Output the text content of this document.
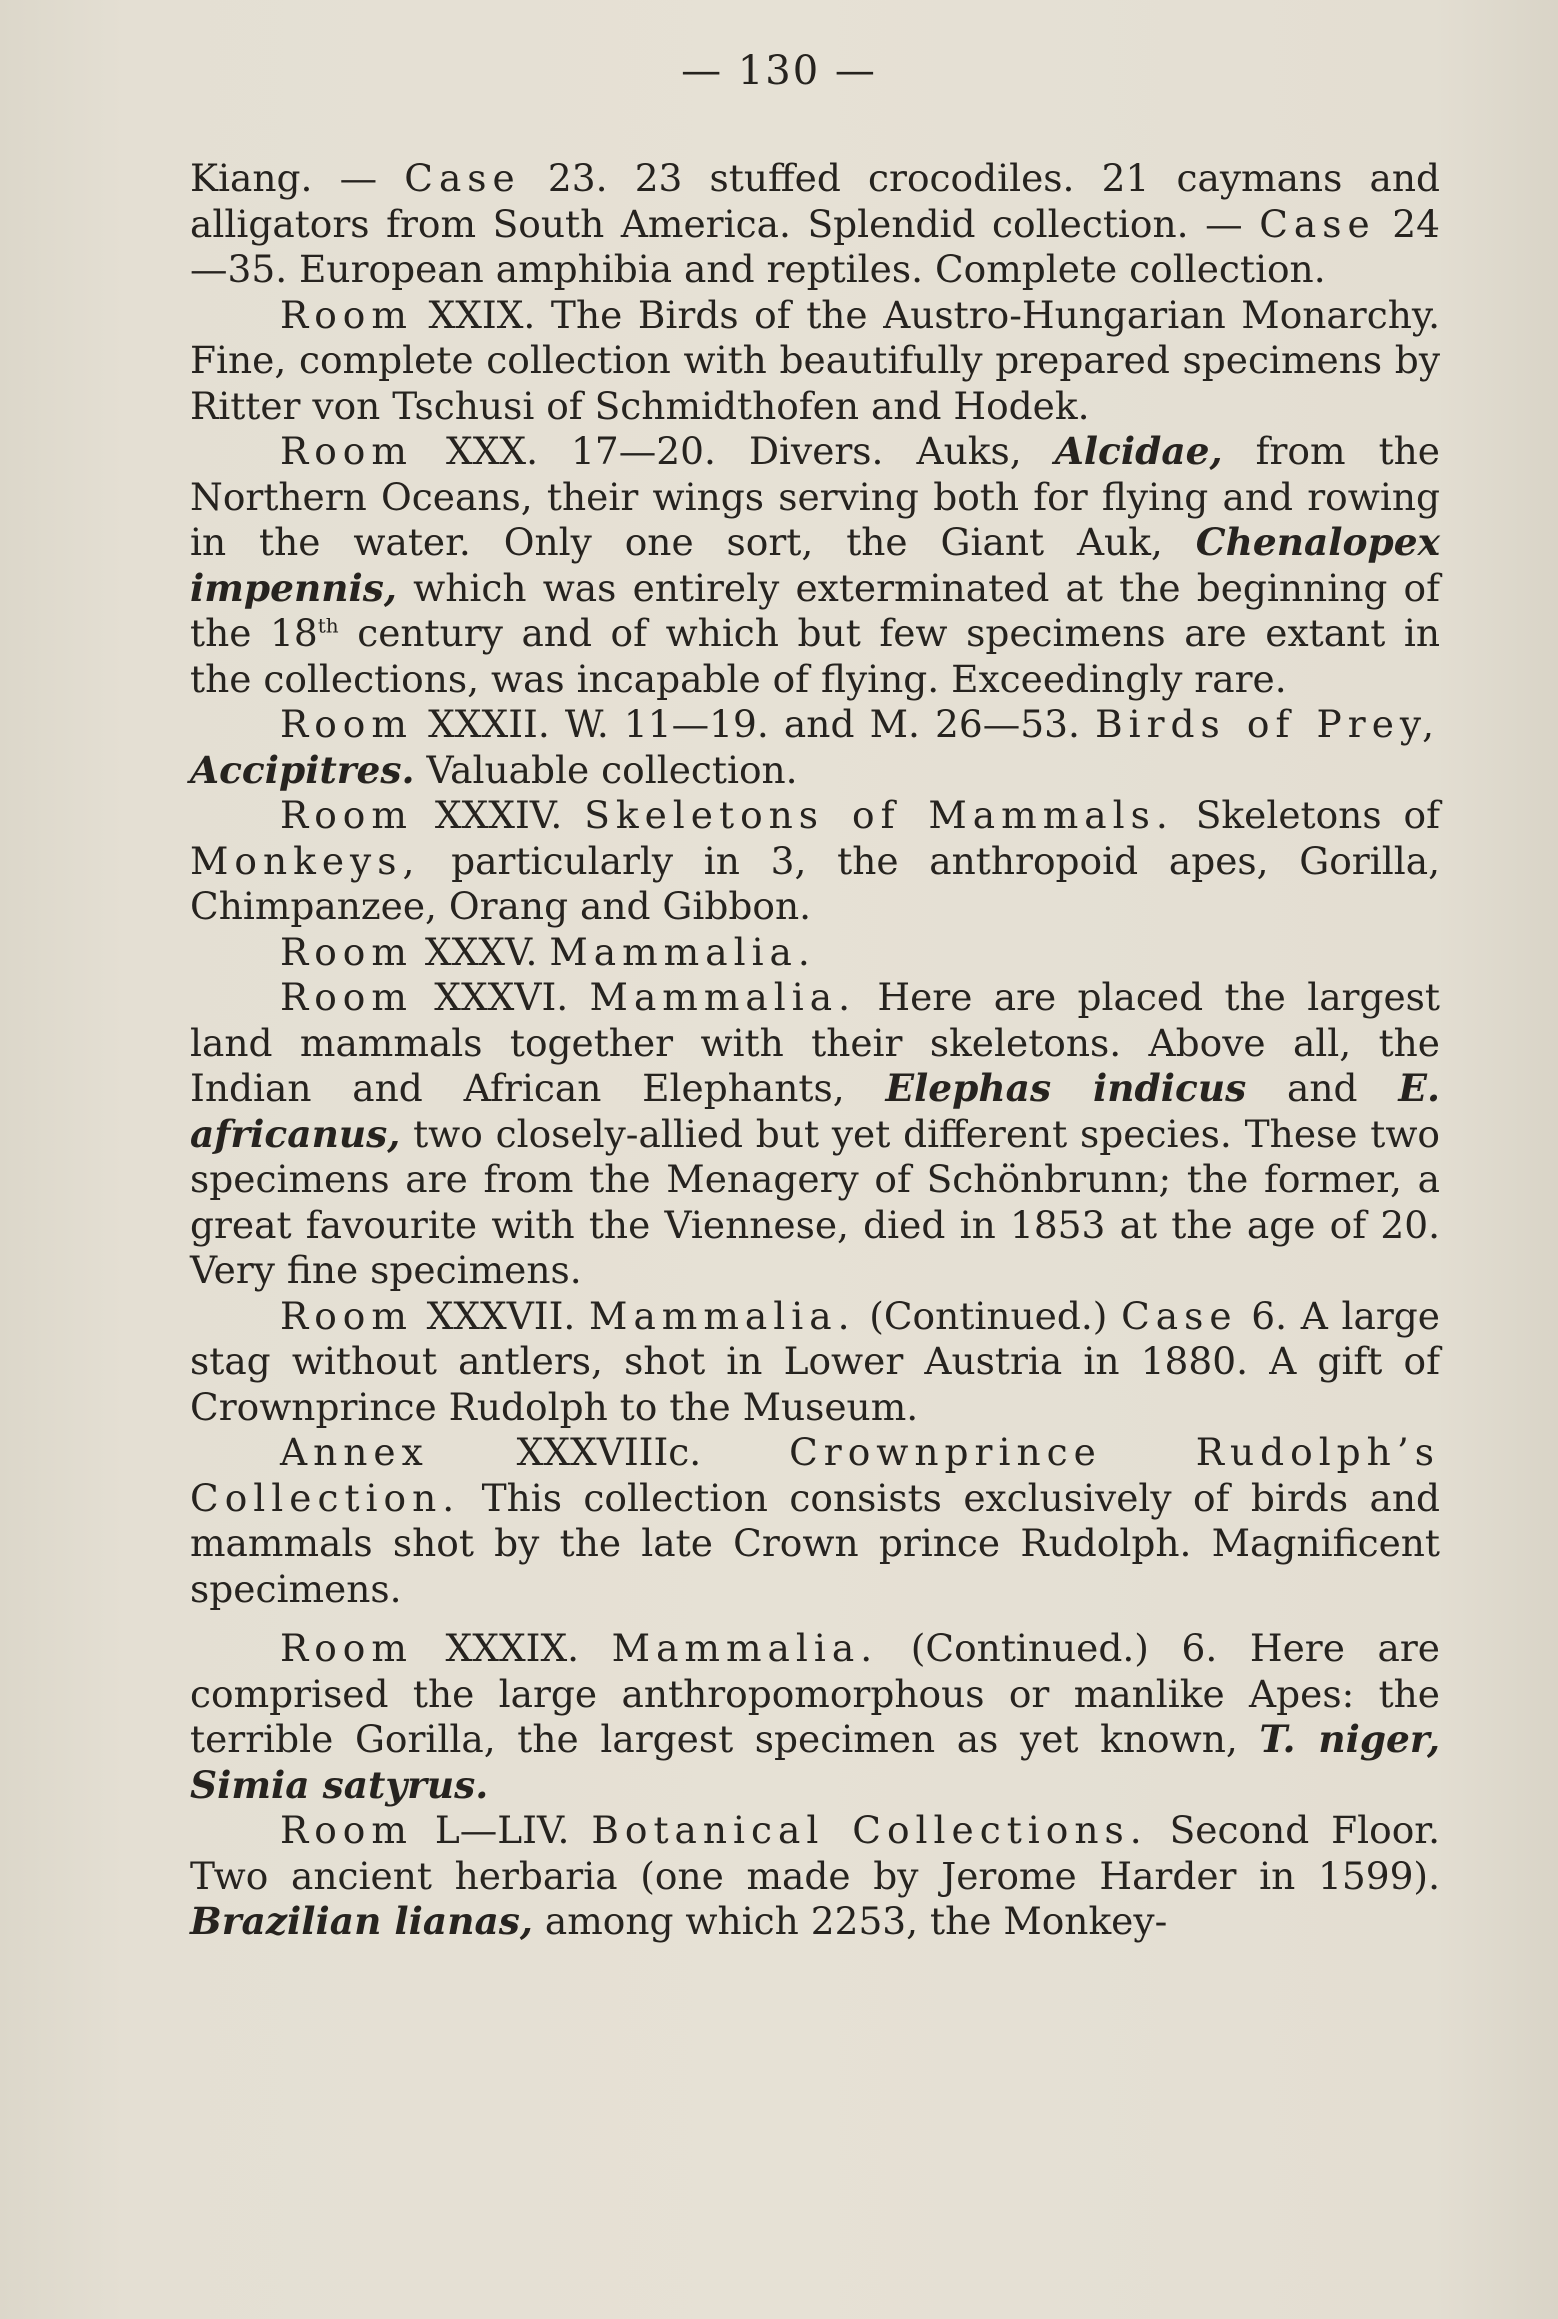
— 130 —

Kiang. — Case 23. 23 stuffed crocodiles. 21 caymans and alligators from South America. Splendid collection. — Case 24—35. European amphibia and reptiles. Complete collection.

Room XXIX. The Birds of the Austro-Hungarian Monarchy. Fine, complete collection with beautifully prepared specimens by Ritter von Tschusi of Schmidthofen and Hodek.

Room XXX. 17—20. Divers. Auks, Alcidae, from the Northern Oceans, their wings serving both for flying and rowing in the water. Only one sort, the Giant Auk, Chenalopex impennis, which was entirely exterminated at the beginning of the 18th century and of which but few specimens are extant in the collections, was incapable of flying. Exceedingly rare.

Room XXXII. W. 11—19. and M. 26—53. Birds of Prey, Accipitres. Valuable collection.

Room XXXIV. Skeletons of Mammals. Skeletons of Monkeys, particularly in 3, the anthropoid apes, Gorilla, Chimpanzee, Orang and Gibbon.

Room XXXV. Mammalia.

Room XXXVI. Mammalia. Here are placed the largest land mammals together with their skeletons. Above all, the Indian and African Elephants, Elephas indicus and E. africanus, two closely-allied but yet different species. These two specimens are from the Menagery of Schönbrunn; the former, a great favourite with the Viennese, died in 1853 at the age of 20. Very fine specimens.

Room XXXVII. Mammalia. (Continued.) Case 6. A large stag without antlers, shot in Lower Austria in 1880. A gift of Crownprince Rudolph to the Museum.

Annex XXXVIIIc. Crownprince Rudolph’s Collection. This collection consists exclusively of birds and mammals shot by the late Crown prince Rudolph. Magnificent specimens.

Room XXXIX. Mammalia. (Continued.) 6. Here are comprised the large anthropomorphous or manlike Apes: the terrible Gorilla, the largest specimen as yet known, T. niger, Simia satyrus.

Room L—LIV. Botanical Collections. Second Floor. Two ancient herbaria (one made by Jerome Harder in 1599). Brazilian lianas, among which 2253, the Monkey-
